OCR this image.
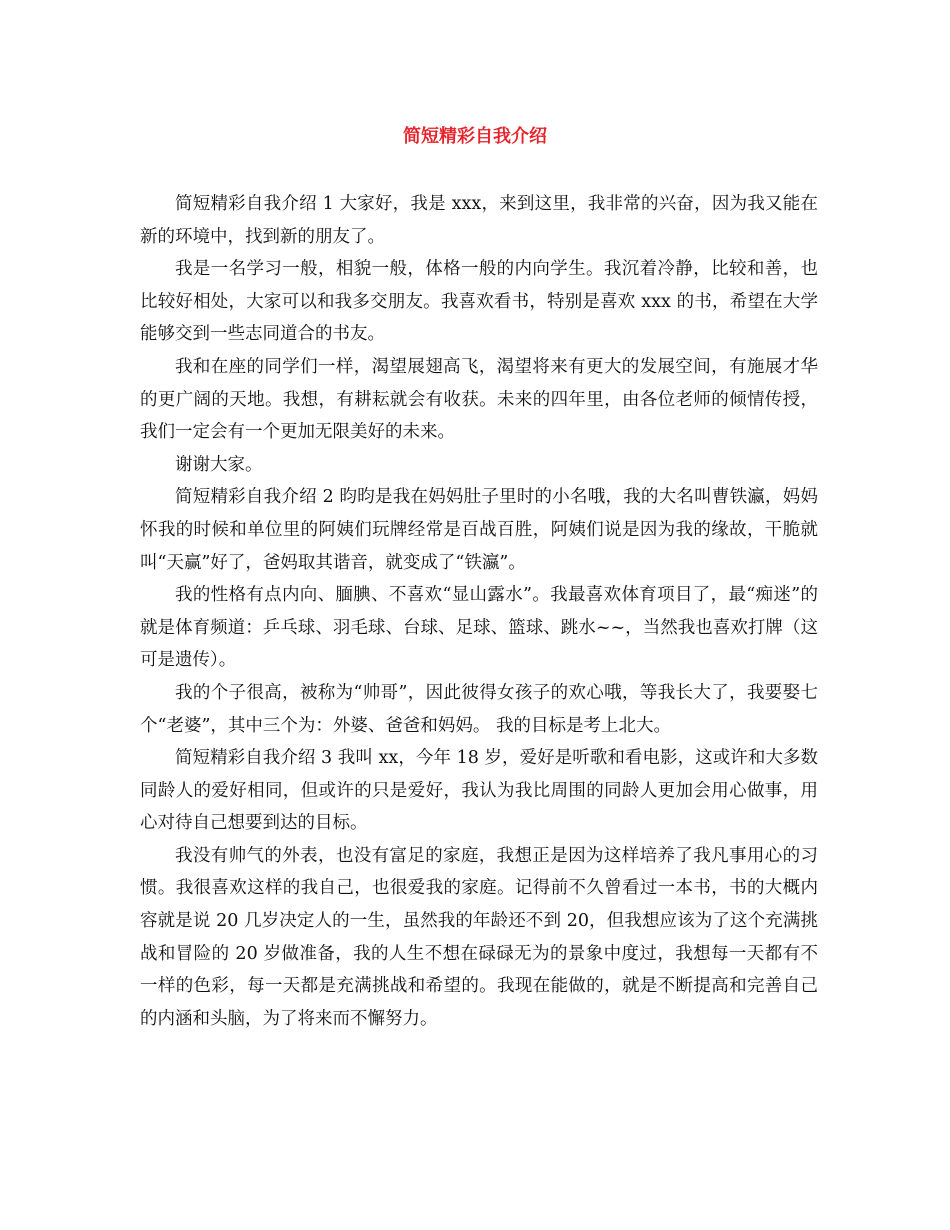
简短精彩自我介绍

简短精彩自我介绍 1 大家好，我是 xxx，来到这里，我非常的兴奋，因为我又能在新的环境中，找到新的朋友了。

我是一名学习一般，相貌一般，体格一般的内向学生。我沉着冷静，比较和善，也比较好相处，大家可以和我多交朋友。我喜欢看书，特别是喜欢 xxx 的书，希望在大学能够交到一些志同道合的书友。

我和在座的同学们一样，渴望展翅高飞，渴望将来有更大的发展空间，有施展才华的更广阔的天地。我想，有耕耘就会有收获。未来的四年里，由各位老师的倾情传授，我们一定会有一个更加无限美好的未来。

谢谢大家。

简短精彩自我介绍 2 昀昀是我在妈妈肚子里时的小名哦，我的大名叫曹铁瀛，妈妈怀我的时候和单位里的阿姨们玩牌经常是百战百胜，阿姨们说是因为我的缘故，干脆就叫“天赢”好了，爸妈取其谐音，就变成了“铁瀛”。

我的性格有点内向、腼腆、不喜欢“显山露水”。我最喜欢体育项目了，最“痴迷”的就是体育频道：乒乓球、羽毛球、台球、足球、篮球、跳水~~，当然我也喜欢打牌（这可是遗传）。

我的个子很高，被称为“帅哥”，因此彼得女孩子的欢心哦，等我长大了，我要娶七个“老婆”，其中三个为：外婆、爸爸和妈妈。 我的目标是考上北大。

简短精彩自我介绍 3 我叫 xx，今年 18 岁，爱好是听歌和看电影，这或许和大多数同龄人的爱好相同，但或许的只是爱好，我认为我比周围的同龄人更加会用心做事，用心对待自己想要到达的目标。

我没有帅气的外表，也没有富足的家庭，我想正是因为这样培养了我凡事用心的习惯。我很喜欢这样的我自己，也很爱我的家庭。记得前不久曾看过一本书，书的大概内容就是说 20 几岁决定人的一生，虽然我的年龄还不到 20，但我想应该为了这个充满挑战和冒险的 20 岁做准备，我的人生不想在碌碌无为的景象中度过，我想每一天都有不一样的色彩，每一天都是充满挑战和希望的。我现在能做的，就是不断提高和完善自己的内涵和头脑，为了将来而不懈努力。
